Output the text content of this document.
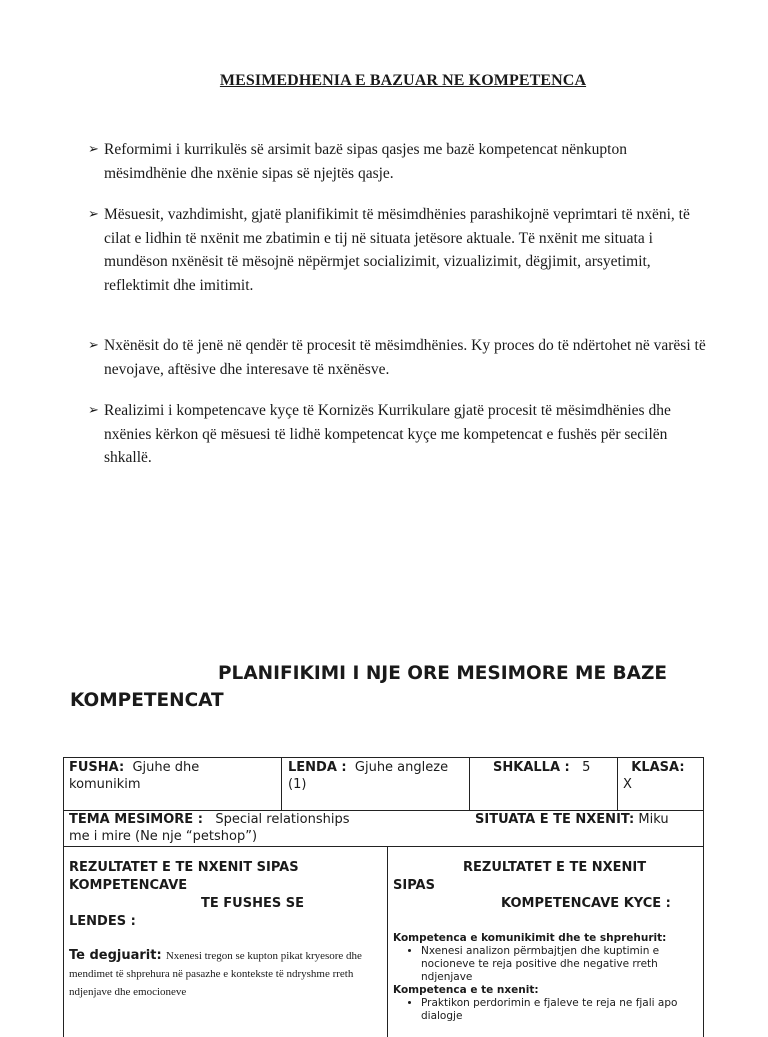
MESIMEDHENIA E BAZUAR NE KOMPETENCA
➢ Reformimi i kurrikulës së arsimit bazë sipas qasjes me bazë kompetencat nënkupton mësimdhënie dhe nxënie sipas së njejtës qasje.
➢ Mësuesit, vazhdimisht, gjatë planifikimit të mësimdhënies parashikojnë veprimtari të nxëni, të cilat e lidhin të nxënit me zbatimin e tij në situata jetësore aktuale. Të nxënit me situata i mundëson nxënësit të mësojnë nëpërmjet socializimit, vizualizimit, dëgjimit, arsyetimit, reflektimit dhe imitimit.
➢ Nxënësit do të jenë në qendër të procesit të mësimdhënies. Ky proces do të ndërtohet në varësi të nevojave, aftësive dhe interesave të nxënësve.
➢ Realizimi i kompetencave kyçe të Kornizës Kurrikulare gjatë procesit të mësimdhënies dhe nxënies kërkon që mësuesi të lidhë kompetencat kyçe me kompetencat e fushës për secilën shkallë.
PLANIFIKIMI I NJE ORE MESIMORE ME BAZE
KOMPETENCAT
FUSHA: Gjuhe dhe
komunikim
LENDA : Gjuhe angleze
(1)
SHKALLA : 5	KLASA:
X
TEMA MESIMORE : Special relationships
me i mire (Ne nje “petshop”)
SITUATA E TE NXENIT: Miku
REZULTATET E TE NXENIT SIPAS
KOMPETENCAVE
TE FUSHES SE
LENDES :
Te degjuarit: Nxenesi tregon se kupton pikat kryesore dhe
mendimet të shprehura në pasazhe e kontekste të ndryshme rreth
ndjenjave dhe emocioneve
REZULTATET E TE NXENIT
SIPAS
KOMPETENCAVE KYCE :
Kompetenca e komunikimit dhe te shprehurit:
• Nxenesi analizon përmbajtjen dhe kuptimin e nocioneve te reja positive dhe negative rreth ndjenjave
Kompetenca e te nxenit:
• Praktikon perdorimin e fjaleve te reja ne fjali apo dialogje
